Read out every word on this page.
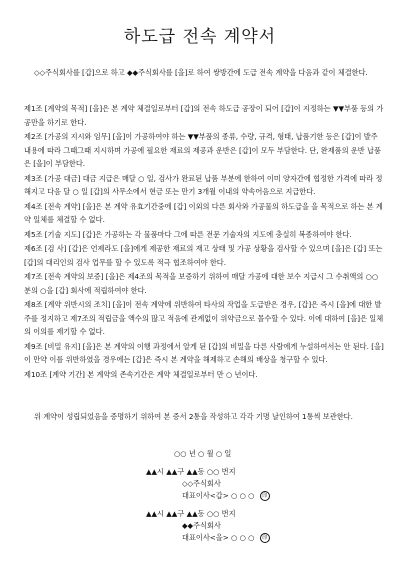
하도급 전속 계약서

◇◇주식회사를 [갑]으로 하고 ◆◆주식회사를 [을]로 하여 쌍방간에 도급 전속 계약을 다음과 같이 체결한다.

제1조 [계약의 목적] [을]은 본 계약 체결일로부터 [갑]의 전속 하도급 공장이 되어 [갑]이 지정하는 ▼▼부품 등의 가공만을 하기로 한다.

제2조 [가공의 지시와 임무] [을]이 가공하여야 하는 ▼▼부품의 종류, 수량, 규격, 형태, 납품기한 등은 [갑]이 발주 내용에 따라 그때그때 지시하며 가공에 필요한 재료의 제공과 운반은 [갑]이 모두 부담한다. 단, 완제품의 운반 납품은 [을]이 부담한다.

제3조 [가공 대금] 대금 지급은 매달 ○ 일, 검사가 완료된 납품 부분에 한하여 이미 양자간에 협정한 가격에 따라 정해지고 다음 달 ○ 일 [갑]의 사무소에서 현금 또는 만기 3개월 이내의 약속어음으로 지급한다.

제4조 [전속 계약] [을]은 본 계약 유효기간중에 [갑] 이외의 다른 회사와 가공물의 하도급을 을 목적으로 하는 본 계약 일체를 체결할 수 없다.

제5조 [기술 지도] [갑]은 가공하는 각 물품마다 그에 따른 전문 기술자의 지도에 충실히 복종하여야 한다.

제6조 [검 사] [갑]은 언제라도 [을]에게 제공한 재료의 재고 상태 및 가공 상황을 검사할 수 있으며 [을]은 [갑] 또는 [갑]의 대리인의 검사 업무를 할 수 있도록 적극 협조하여야 한다.

제7조 [전속 계약의 보증] [을]은 제4조의 목적을 보증하기 위하여 매달 가공에 대한 보수 지급시 그 수취액의 ○○분의 ○을 [갑] 회사에 적립하여야 한다.

제8조 [계약 위반시의 조치] [을]이 전속 계약에 위반하여 타사의 작업을 도급받은 경우, [갑]은 즉시 [을]에 대한 발주를 정지하고 제7조의 적립금을 액수의 많고 적음에 관계없이 위약금으로 몰수할 수 있다. 이에 대하여 [을]은 일체의 이의를 제기할 수 없다.

제9조 [비밀 유지] [을]은 본 계약의 이행 과정에서 알게 된 [갑]의 비밀을 다른 사람에게 누설하여서는 안 된다. [을]이 만약 이를 위반하였을 경우에는 [갑]은 즉시 본 계약을 해제하고 손해의 배상을 청구할 수 있다.

제10조 [계약 기간] 본 계약의 존속기간은 계약 체결일로부터 만 ○ 년이다.

위 계약이 성립되었음을 증명하기 위하여 본 증서 2통을 작성하고 각각 기명 날인하여 1통씩 보관한다.

○○ 년 ○ 월 ○ 일
▲▲시 ▲▲구 ▲▲동 ○○ 번지
◇◇주식회사
대표이사<갑> ○ ○ ○ 印
▲▲시 ▲▲구 ▲▲동 ○○ 번지
◆◆주식회사
대표이사<을> ○ ○ ○ 印
